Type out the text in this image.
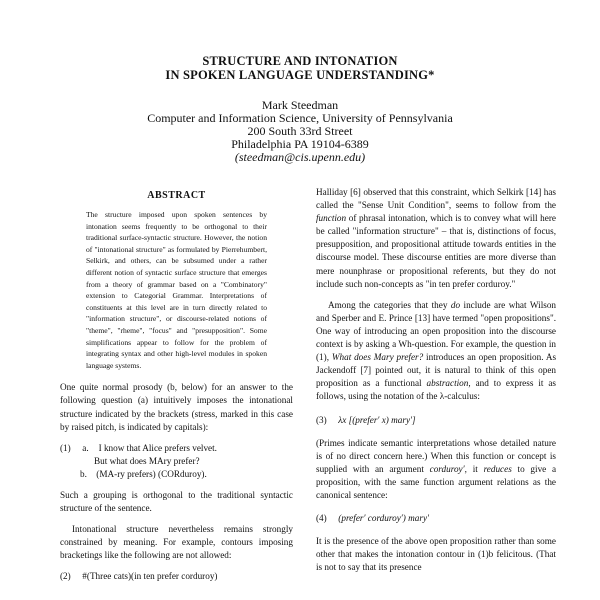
STRUCTURE AND INTONATION
IN SPOKEN LANGUAGE UNDERSTANDING*
Mark Steedman
Computer and Information Science, University of Pennsylvania
200 South 33rd Street
Philadelphia PA 19104-6389
(steedman@cis.upenn.edu)
ABSTRACT

The structure imposed upon spoken sentences by intonation seems frequently to be orthogonal to their traditional surface-syntactic structure. However, the notion of "intonational structure" as formulated by Pierrehumbert, Selkirk, and others, can be subsumed under a rather different notion of syntactic surface structure that emerges from a theory of grammar based on a "Combinatory" extension to Categorial Grammar. Interpretations of constituents at this level are in turn directly related to "information structure", or discourse-related notions of "theme", "rheme", "focus" and "presupposition". Some simplifications appear to follow for the problem of integrating syntax and other high-level modules in spoken language systems.

One quite normal prosody (b, below) for an answer to the following question (a) intuitively imposes the intonational structure indicated by the brackets (stress, marked in this case by raised pitch, is indicated by capitals):

(1) a. I know that Alice prefers velvet.
But what does MAry prefer?
b. (MA-ry prefers) (CORduroy).

Such a grouping is orthogonal to the traditional syntactic structure of the sentence.

Intonational structure nevertheless remains strongly constrained by meaning. For example, contours imposing bracketings like the following are not allowed:

(2) #(Three cats)(in ten prefer corduroy)

Halliday [6] observed that this constraint, which Selkirk [14] has called the "Sense Unit Condition", seems to follow from the function of phrasal intonation, which is to convey what will here be called "information structure" – that is, distinctions of focus, presupposition, and propositional attitude towards entities in the discourse model. These discourse entities are more diverse than mere nounphrase or propositional referents, but they do not include such non-concepts as "in ten prefer corduroy."

Among the categories that they do include are what Wilson and Sperber and E. Prince [13] have termed "open propositions". One way of introducing an open proposition into the discourse context is by asking a Wh-question. For example, the question in (1), What does Mary prefer? introduces an open proposition. As Jackendoff [7] pointed out, it is natural to think of this open proposition as a functional abstraction, and to express it as follows, using the notation of the λ-calculus:

(3) λx [(prefer′ x) mary′]

(Primes indicate semantic interpretations whose detailed nature is of no direct concern here.) When this function or concept is supplied with an argument corduroy′, it reduces to give a proposition, with the same function argument relations as the canonical sentence:

(4) (prefer′ corduroy′) mary′

It is the presence of the above open proposition rather than some other that makes the intonation contour in (1)b felicitous. (That is not to say that its presence
